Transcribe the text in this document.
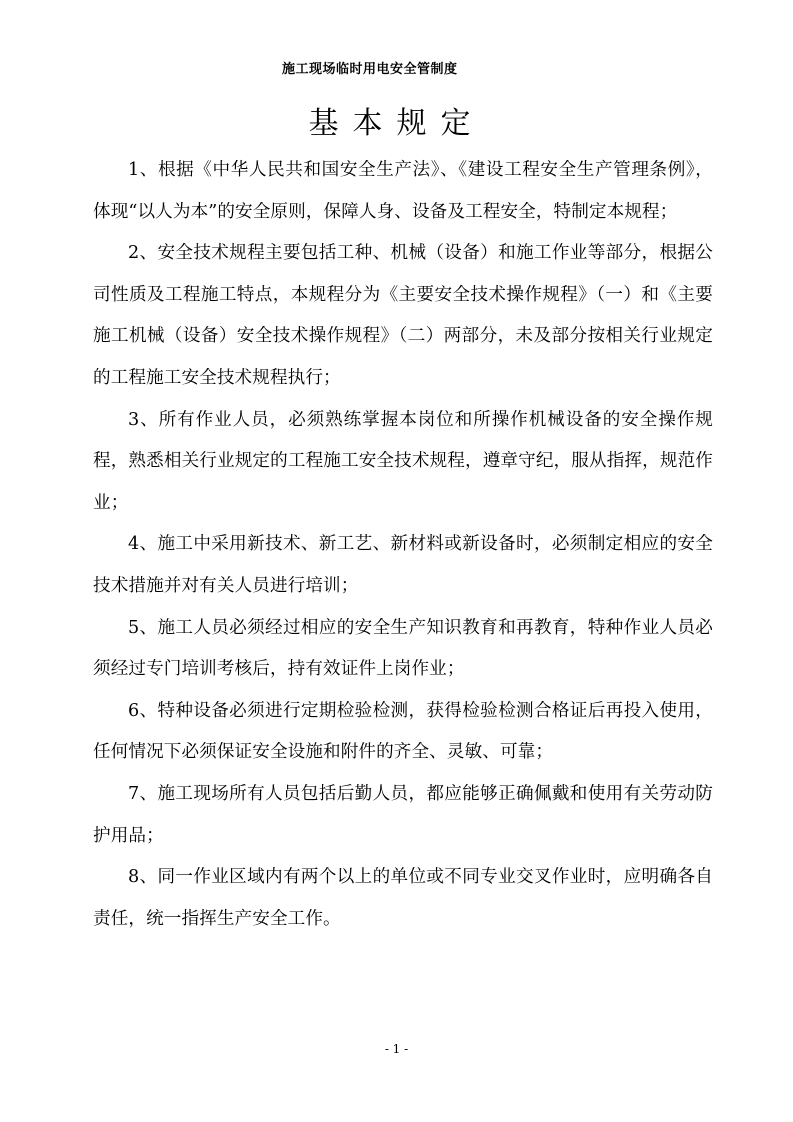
施工现场临时用电安全管制度
基本规定

1、根据《中华人民共和国安全生产法》、《建设工程安全生产管理条例》，体现“以人为本”的安全原则，保障人身、设备及工程安全，特制定本规程；

2、安全技术规程主要包括工种、机械（设备）和施工作业等部分，根据公司性质及工程施工特点，本规程分为《主要安全技术操作规程》（一）和《主要施工机械（设备）安全技术操作规程》（二）两部分，未及部分按相关行业规定的工程施工安全技术规程执行；

3、所有作业人员，必须熟练掌握本岗位和所操作机械设备的安全操作规程，熟悉相关行业规定的工程施工安全技术规程，遵章守纪，服从指挥，规范作业；

4、施工中采用新技术、新工艺、新材料或新设备时，必须制定相应的安全技术措施并对有关人员进行培训；

5、施工人员必须经过相应的安全生产知识教育和再教育，特种作业人员必须经过专门培训考核后，持有效证件上岗作业；

6、特种设备必须进行定期检验检测，获得检验检测合格证后再投入使用，任何情况下必须保证安全设施和附件的齐全、灵敏、可靠；

7、施工现场所有人员包括后勤人员，都应能够正确佩戴和使用有关劳动防护用品；

8、同一作业区域内有两个以上的单位或不同专业交叉作业时，应明确各自责任，统一指挥生产安全工作。

- 1 -
